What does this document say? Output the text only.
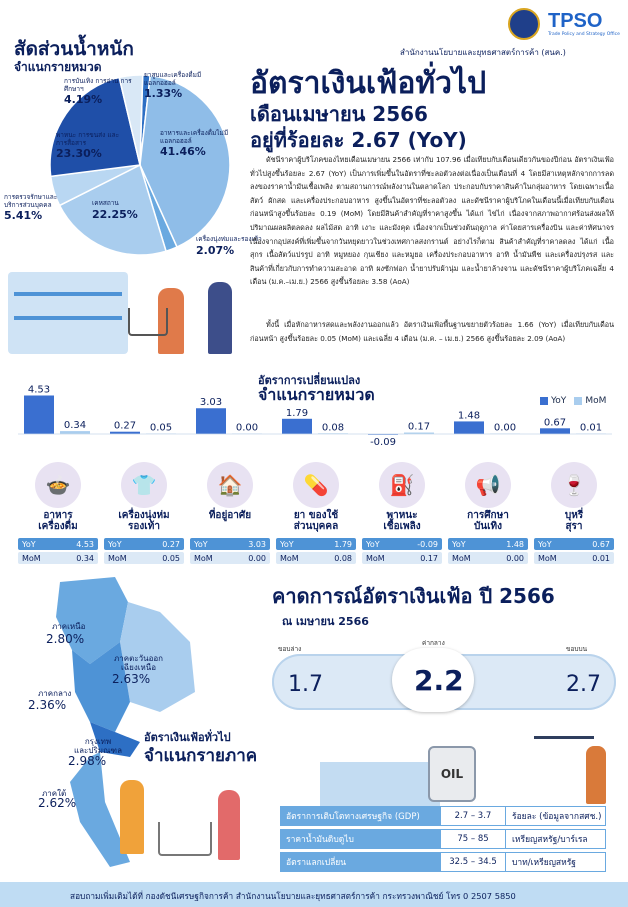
TPSO
Trade Policy and Strategy Office
สำนักงานนโยบายและยุทธศาสตร์การค้า (สนค.)
สัดส่วนน้ำหนัก
จำแนกรายหมวด
อาหารและเครื่องดื่มไม่มีแอลกอฮอล์
41.46%
เคหสถาน
22.25%
พาหนะ การขนส่ง และการสื่อสาร
23.30%
การตรวจรักษาและบริการส่วนบุคคล
5.41%
การบันเทิง การอ่าน การศึกษาฯ
4.19%
ยาสูบและเครื่องดื่มมีแอลกอฮอล์
1.33%
เครื่องนุ่งห่มและรองเท้า
2.07%
อัตราเงินเฟ้อทั่วไป
เดือนเมษายน 2566
อยู่ที่ร้อยละ 2.67 (YoY)
ดัชนีราคาผู้บริโภคของไทยเดือนเมษายน 2566 เท่ากับ 107.96 เมื่อเทียบกับเดือนเดียวกันของปีก่อน อัตราเงินเฟ้อทั่วไปสูงขึ้นร้อยละ 2.67 (YoY) เป็นการเพิ่มขึ้นในอัตราที่ชะลอตัวลงต่อเนื่องเป็นเดือนที่ 4 โดยมีสาเหตุหลักจากการลดลงของราคาน้ำมันเชื้อเพลิง ตามสถานการณ์พลังงานในตลาดโลก ประกอบกับราคาสินค้าในกลุ่มอาหาร โดยเฉพาะเนื้อสัตว์ ผักสด และเครื่องประกอบอาหาร สูงขึ้นในอัตราที่ชะลอตัวลง และดัชนีราคาผู้บริโภคในเดือนนี้เมื่อเทียบกับเดือนก่อนหน้าสูงขึ้นร้อยละ 0.19 (MoM) โดยมีสินค้าสำคัญที่ราคาสูงขึ้น ได้แก่ ไข่ไก่ เนื่องจากสภาพอากาศร้อนส่งผลให้ปริมาณผลผลิตลดลง ผลไม้สด อาทิ เงาะ และมังคุด เนื่องจากเป็นช่วงต้นฤดูกาล ค่าโดยสารเครื่องบิน และค่าทัศนาจร เนื่องจากอุปสงค์ที่เพิ่มขึ้นจากวันหยุดยาวในช่วงเทศกาลสงกรานต์ อย่างไรก็ตาม สินค้าสำคัญที่ราคาลดลง ได้แก่ เนื้อสุกร เนื้อสัตว์แปรรูป อาทิ หมูหยอง กุนเชียง และหมูยอ เครื่องประกอบอาหาร อาทิ น้ำมันพืช และเครื่องปรุงรส และสินค้าที่เกี่ยวกับการทำความสะอาด อาทิ ผงซักฟอก น้ำยาปรับผ้านุ่ม และน้ำยาล้างจาน และดัชนีราคาผู้บริโภคเฉลี่ย 4 เดือน (ม.ค.–เม.ย.) 2566 สูงขึ้นร้อยละ 3.58 (AoA)
ทั้งนี้ เมื่อหักอาหารสดและพลังงานออกแล้ว อัตราเงินเฟ้อพื้นฐานขยายตัวร้อยละ 1.66 (YoY) เมื่อเทียบกับเดือนก่อนหน้า สูงขึ้นร้อยละ 0.05 (MoM) และเฉลี่ย 4 เดือน (ม.ค. – เม.ย.) 2566 สูงขึ้นร้อยละ 2.09 (AoA)
อัตราการเปลี่ยนแปลง
จำแนกรายหมวด	YoY MoM
4.53
0.34	0.27 0.05
3.03
0.00
1.79
0.08
-0.09
0.17
1.48
0.00	0.67 0.01
🍲
อาหาร
เครื่องดื่ม
YoY	4.53
MoM	0.34
👕
เครื่องนุ่งห่ม
รองเท้า
YoY	0.27
MoM	0.05
🏠
ที่อยู่อาศัย
YoY	3.03
MoM	0.00
💊
ยา ของใช้
ส่วนบุคคล
YoY	1.79
MoM	0.08
⛽
พาหนะ
เชื้อเพลิง
YoY	-0.09
MoM	0.17
📢
การศึกษา
บันเทิง
YoY	1.48
MoM	0.00
🍷
บุหรี่
สุรา
YoY	0.67
MoM	0.01
คาดการณ์อัตราเงินเฟ้อ ปี 2566
ณ เมษายน 2566
ขอบล่าง
ค่ากลาง
ขอบบน
1.7	2.2	2.7
OIL
อัตราการเติบโตทางเศรษฐกิจ (GDP)	2.7 – 3.7	ร้อยละ (ข้อมูลจากสศช.)
ราคาน้ำมันดิบดูไบ	75 – 85	เหรียญสหรัฐ/บาร์เรล
อัตราแลกเปลี่ยน	32.5 – 34.5	บาท/เหรียญสหรัฐ
ภาคเหนือ
2.80%
ภาคตะวันออก
เฉียงเหนือ
2.63%
ภาคกลาง
2.36%
กรุงเทพ
และปริมณฑล
2.98%
ภาคใต้
2.62%
อัตราเงินเฟ้อทั่วไป
จำแนกรายภาค
สอบถามเพิ่มเติมได้ที่ กองดัชนีเศรษฐกิจการค้า สำนักงานนโยบายและยุทธศาสตร์การค้า กระทรวงพาณิชย์ โทร 0 2507 5850
